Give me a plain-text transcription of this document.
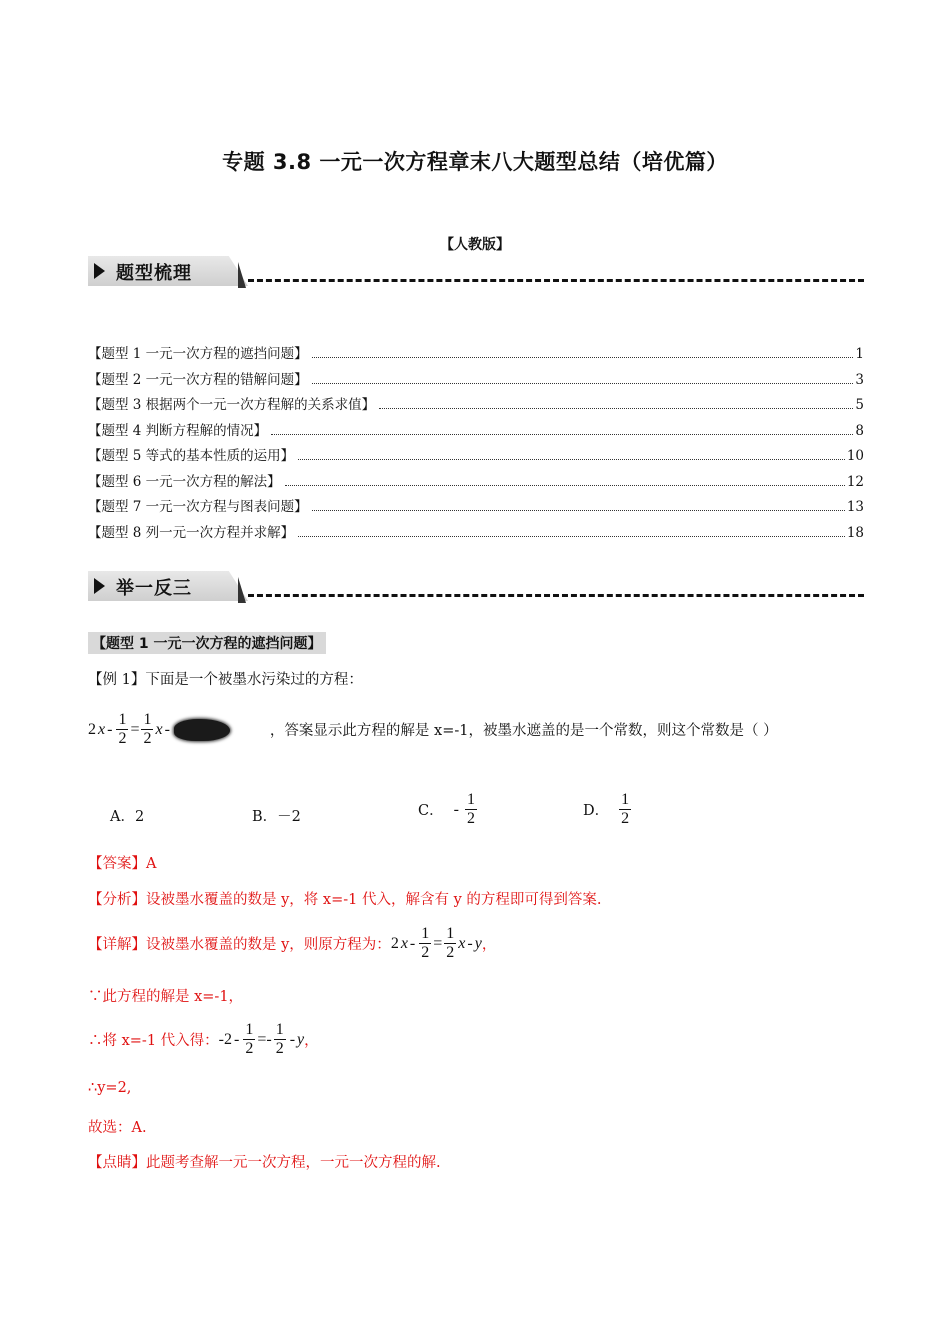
专题 3.8 一元一次方程章末八大题型总结（培优篇）
【人教版】
题型梳理
【题型 1 一元一次方程的遮挡问题】	1
【题型 2 一元一次方程的错解问题】	3
【题型 3 根据两个一元一次方程解的关系求值】	5
【题型 4 判断方程解的情况】	8
【题型 5 等式的基本性质的运用】	10
【题型 6 一元一次方程的解法】	12
【题型 7 一元一次方程与图表问题】	13
【题型 8 列一元一次方程并求解】	18
举一反三
【题型 1 一元一次方程的遮挡问题】
【例 1】下面是一个被墨水污染过的方程：
2 $x - \frac{1}{2} = \frac{1}{2}$ x -	，答案显示此方程的解是 x=-1，被墨水遮盖的是一个常数，则这个常数是（ ）
A．2	B．－2	C． - $\frac{1}{2}$	D． $\frac{1}{2}$
【答案】A
【分析】设被墨水覆盖的数是 y，将 x=-1 代入，解含有 y 的方程即可得到答案.
【详解】设被墨水覆盖的数是 y，则原方程为： 2 $x - \frac{1}{2} = \frac{1}{2}$ x - y ，
∵此方程的解是 x=-1，
∴将 x=-1 代入得： $-2 - \frac{1}{2}$ = - $\frac{1}{2}$ - y ，
∴y=2,
故选：A.
【点睛】此题考查解一元一次方程，一元一次方程的解.
